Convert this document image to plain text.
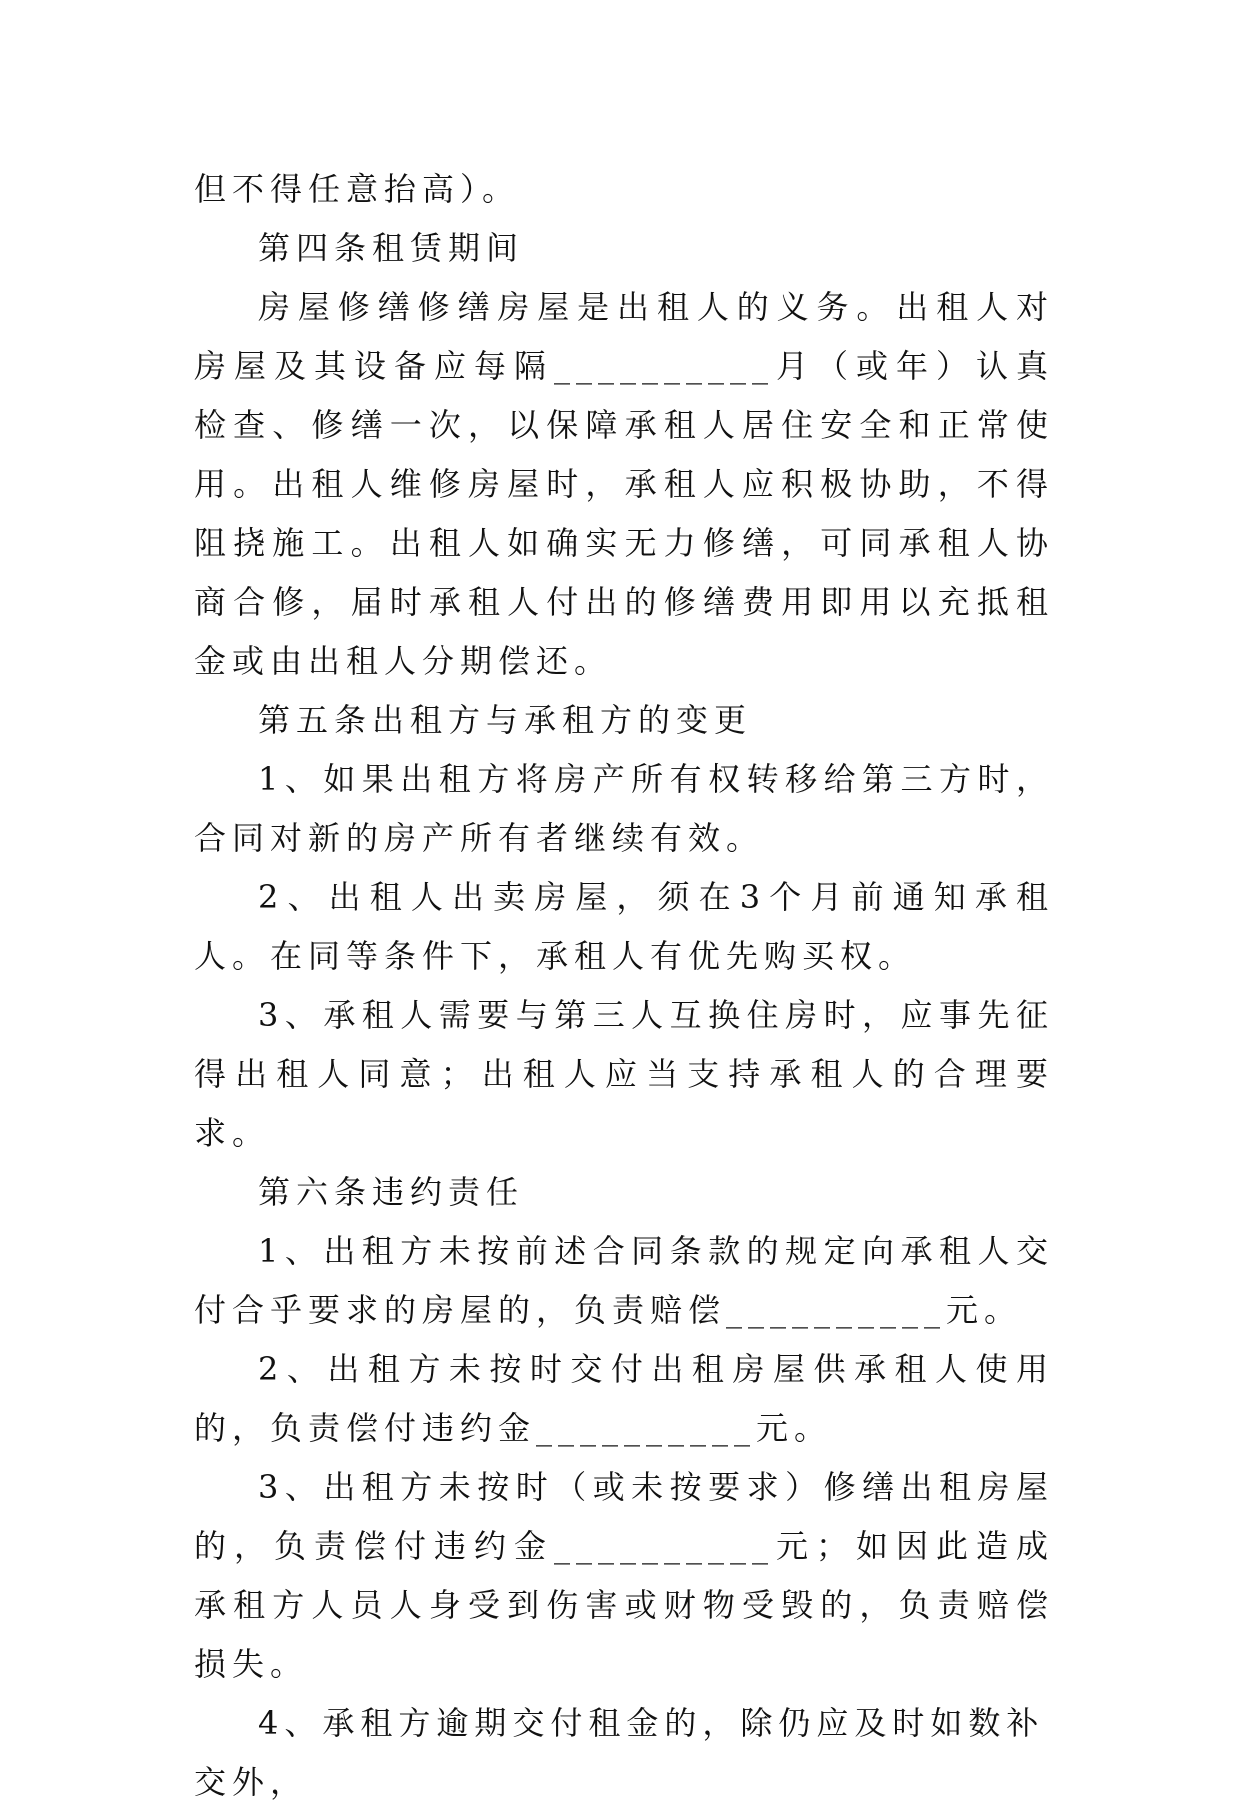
但不得任意抬高）。

第四条租赁期间

房屋修缮修缮房屋是出租人的义务。出租人对房屋及其设备应每隔__________月（或年）认真检查、修缮一次，以保障承租人居住安全和正常使用。出租人维修房屋时，承租人应积极协助，不得阻挠施工。出租人如确实无力修缮，可同承租人协商合修，届时承租人付出的修缮费用即用以充抵租金或由出租人分期偿还。

第五条出租方与承租方的变更

1、如果出租方将房产所有权转移给第三方时，合同对新的房产所有者继续有效。

2、出租人出卖房屋，须在3个月前通知承租人。在同等条件下，承租人有优先购买权。

3、承租人需要与第三人互换住房时，应事先征得出租人同意；出租人应当支持承租人的合理要求。

第六条违约责任

1、出租方未按前述合同条款的规定向承租人交付合乎要求的房屋的，负责赔偿__________元。

2、出租方未按时交付出租房屋供承租人使用的，负责偿付违约金__________元。

3、出租方未按时（或未按要求）修缮出租房屋的，负责偿付违约金__________元；如因此造成承租方人员人身受到伤害或财物受毁的，负责赔偿损失。

4、承租方逾期交付租金的，除仍应及时如数补交外，
